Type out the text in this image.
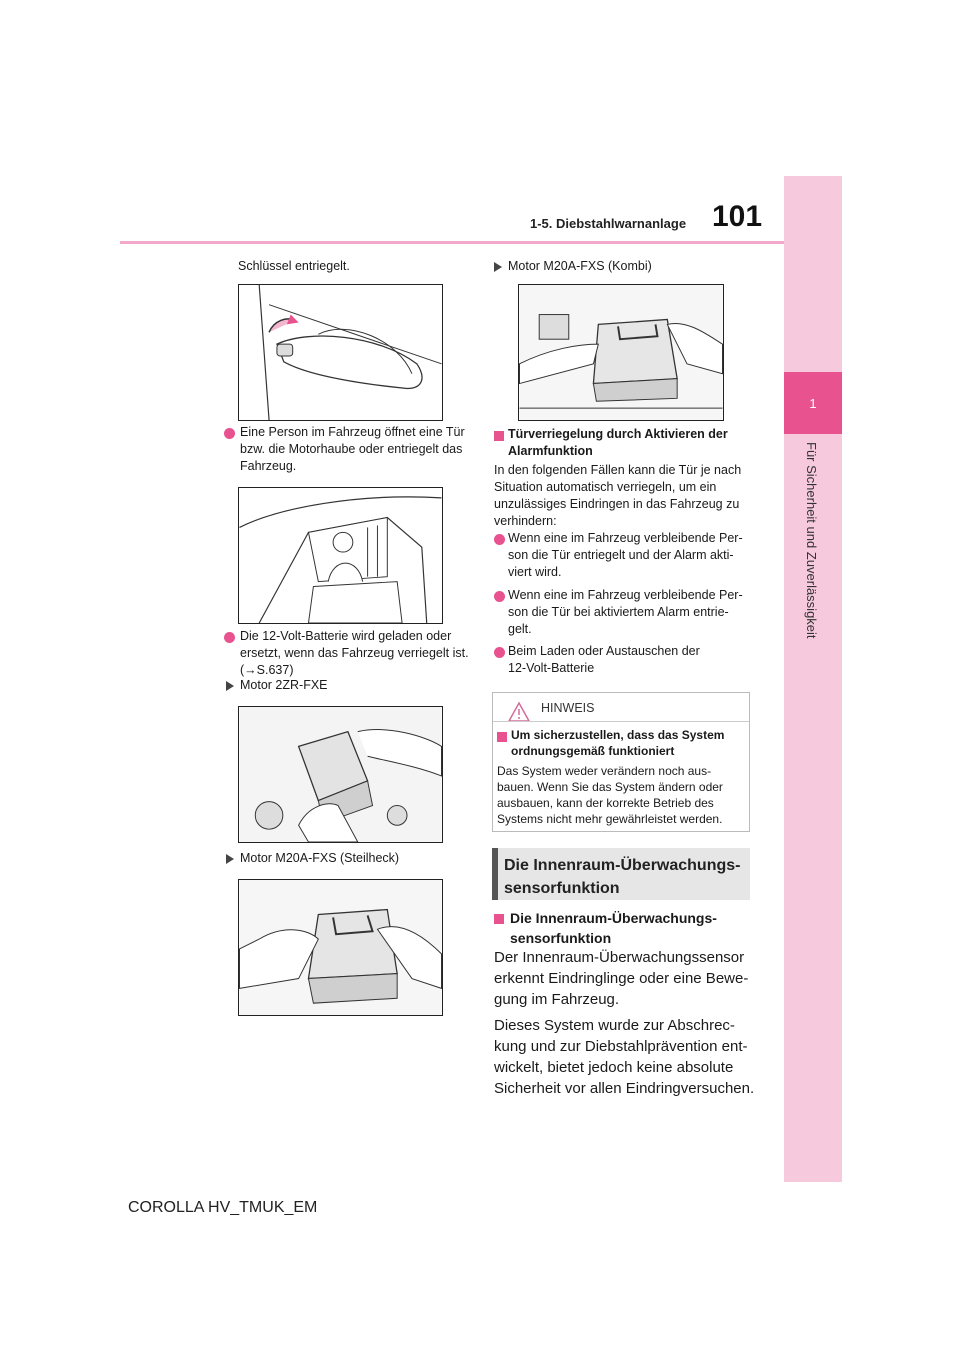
1-5. Diebstahlwarnanlage 101
1
Für Sicherheit und Zuverlässigkeit
Schlüssel entriegelt.
Eine Person im Fahrzeug öffnet eine Tür
bzw. die Motorhaube oder entriegelt das
Fahrzeug.
Die 12-Volt-Batterie wird geladen oder
ersetzt, wenn das Fahrzeug verriegelt ist.
(→S.637)
Motor 2ZR-FXE
Motor M20A-FXS (Steilheck)
Motor M20A-FXS (Kombi)
Türverriegelung durch Aktivieren der
Alarmfunktion
In den folgenden Fällen kann die Tür je nach
Situation automatisch verriegeln, um ein
unzulässiges Eindringen in das Fahrzeug zu
verhindern:
Wenn eine im Fahrzeug verbleibende Per-
son die Tür entriegelt und der Alarm akti-
viert wird.
Wenn eine im Fahrzeug verbleibende Per-
son die Tür bei aktiviertem Alarm entrie-
gelt.
Beim Laden oder Austauschen der
12-Volt-Batterie
HINWEIS
Um sicherzustellen, dass das System
ordnungsgemäß funktioniert
Das System weder verändern noch aus-
bauen. Wenn Sie das System ändern oder
ausbauen, kann der korrekte Betrieb des
Systems nicht mehr gewährleistet werden.
Die Innenraum-Überwachungs-
sensorfunktion
Die Innenraum-Überwachungs-
sensorfunktion
Der Innenraum-Überwachungssensor
erkennt Eindringlinge oder eine Bewe-
gung im Fahrzeug.
Dieses System wurde zur Abschrec-
kung und zur Diebstahlprävention ent-
wickelt, bietet jedoch keine absolute
Sicherheit vor allen Eindringversuchen.
COROLLA HV_TMUK_EM
